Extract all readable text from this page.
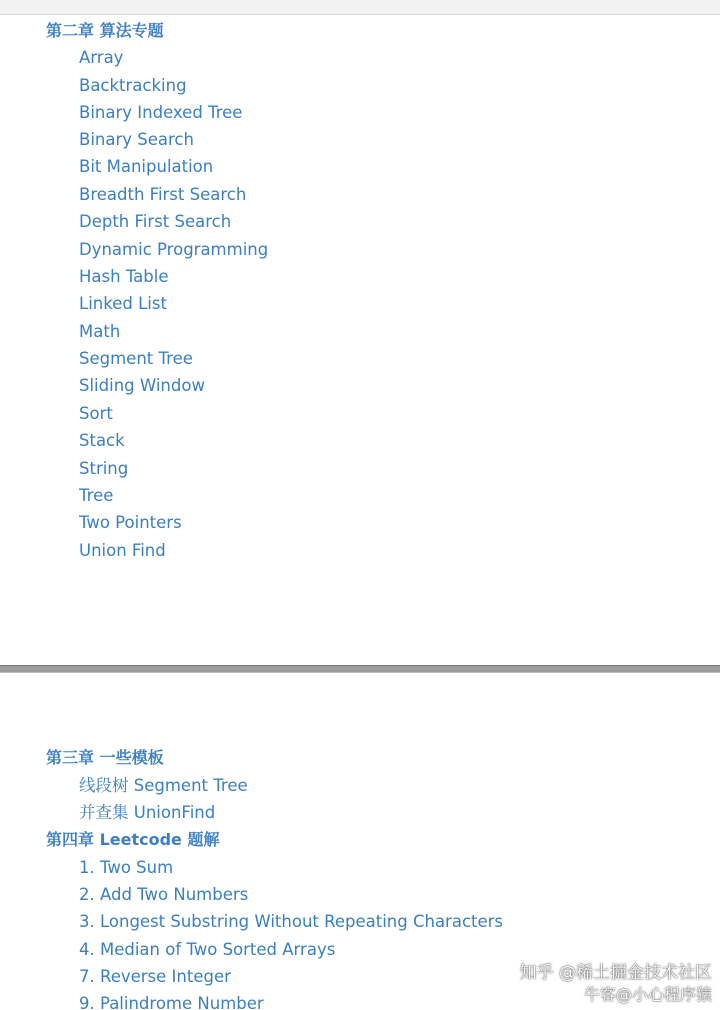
第二章 算法专题
Array
Backtracking
Binary Indexed Tree
Binary Search
Bit Manipulation
Breadth First Search
Depth First Search
Dynamic Programming
Hash Table
Linked List
Math
Segment Tree
Sliding Window
Sort
Stack
String
Tree
Two Pointers
Union Find
第三章 一些模板
线段树 Segment Tree
并查集 UnionFind
第四章 Leetcode 题解
1. Two Sum
2. Add Two Numbers
3. Longest Substring Without Repeating Characters
4. Median of Two Sorted Arrays
7. Reverse Integer
9. Palindrome Number
知乎 @稀土掘金技术社区
牛客@小心程序猿
